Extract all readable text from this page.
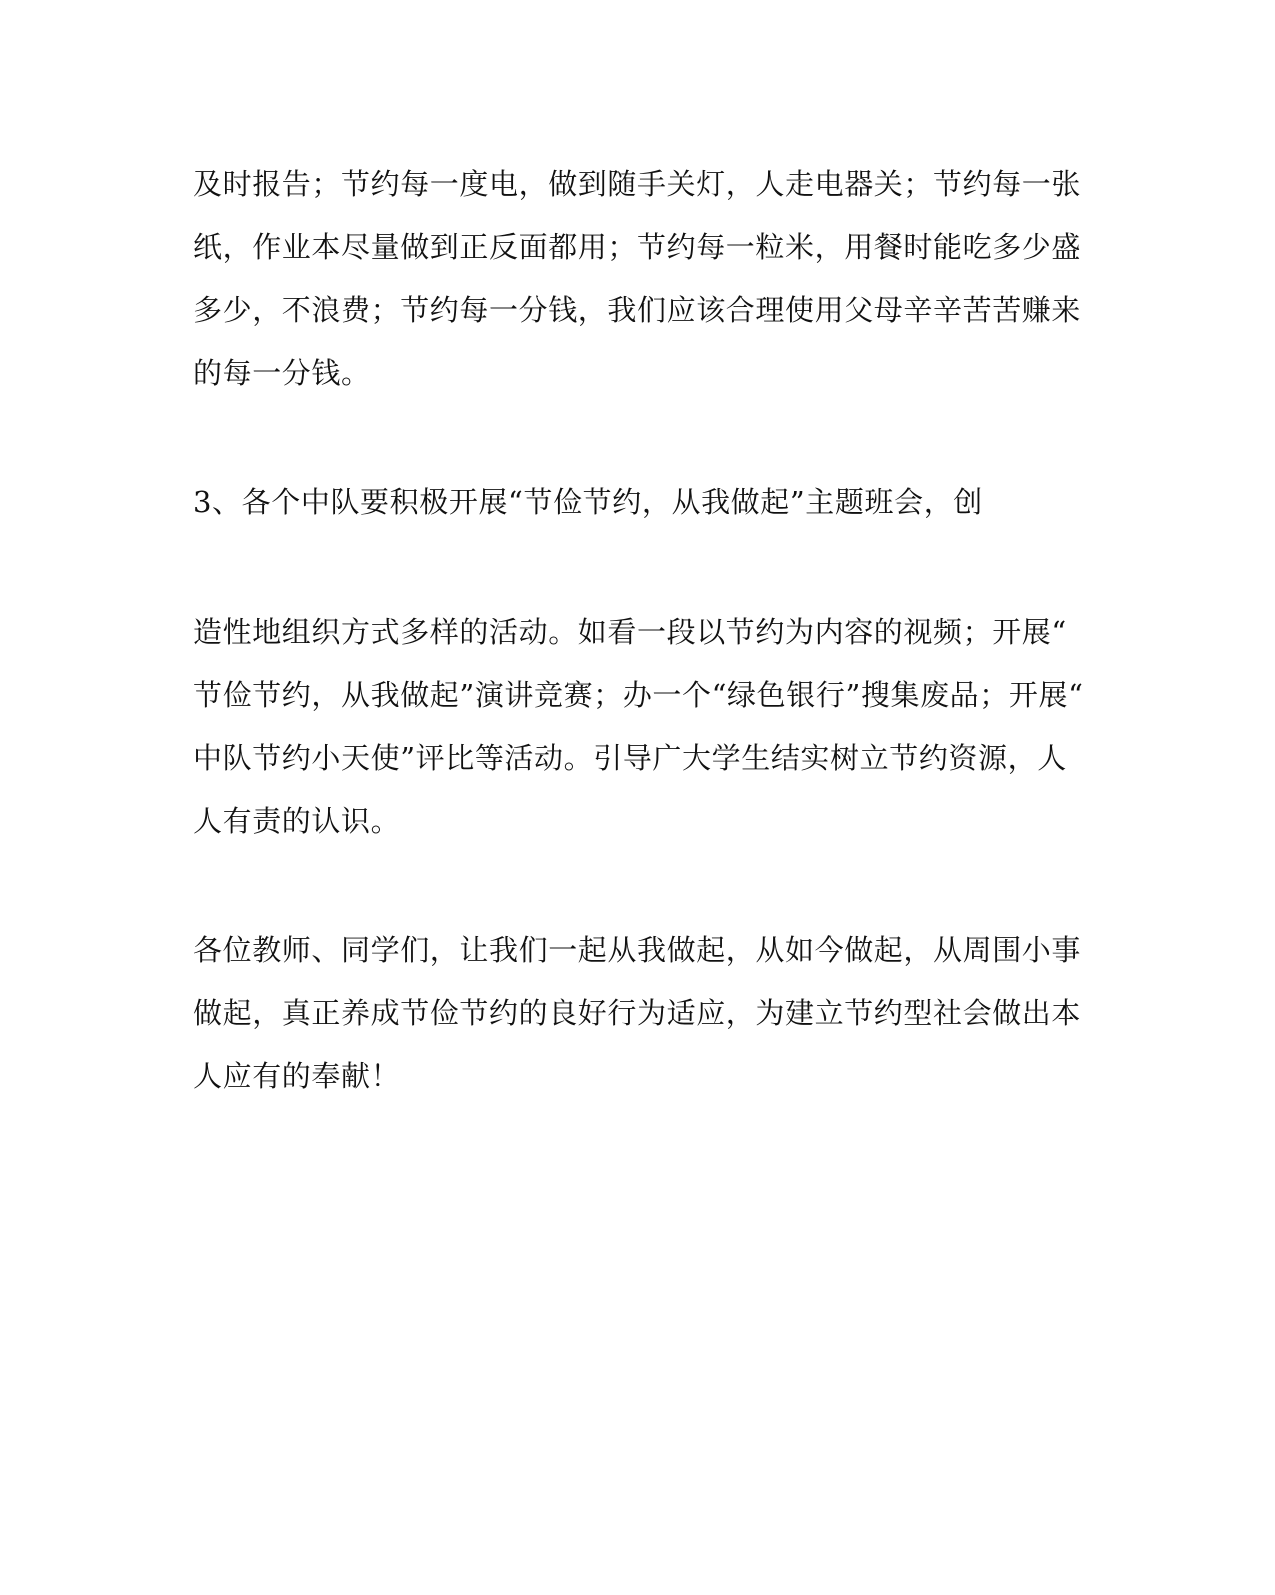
及时报告；节约每一度电，做到随手关灯，人走电器关；节约每一张
纸，作业本尽量做到正反面都用；节约每一粒米，用餐时能吃多少盛
多少，不浪费；节约每一分钱，我们应该合理使用父母辛辛苦苦赚来
的每一分钱。
3、各个中队要积极开展“节俭节约，从我做起”主题班会，创
造性地组织方式多样的活动。如看一段以节约为内容的视频；开展“
节俭节约，从我做起”演讲竞赛；办一个“绿色银行”搜集废品；开展“
中队节约小天使”评比等活动。引导广大学生结实树立节约资源，人
人有责的认识。
各位教师、同学们，让我们一起从我做起，从如今做起，从周围小事
做起，真正养成节俭节约的良好行为适应，为建立节约型社会做出本
人应有的奉献！
